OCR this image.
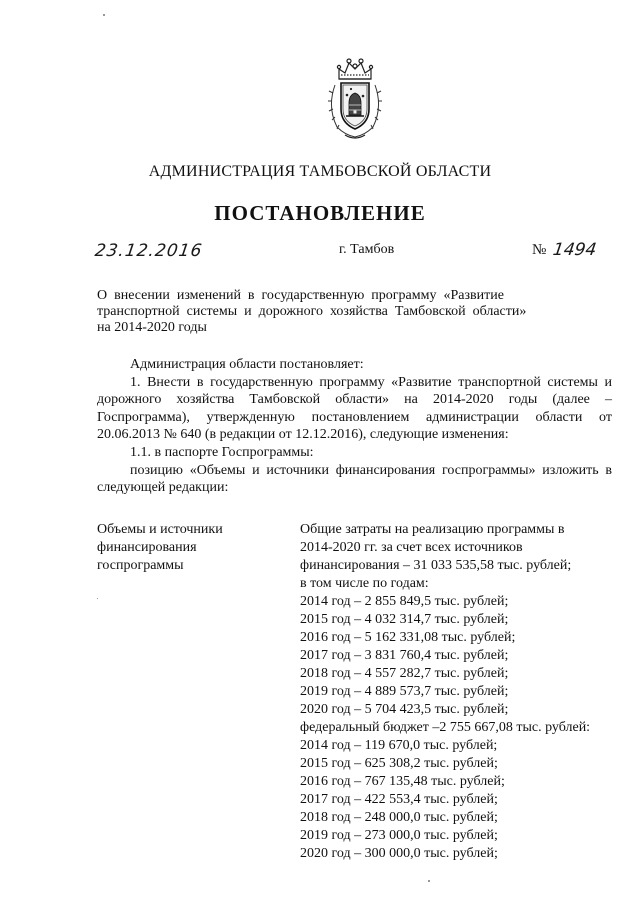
АДМИНИСТРАЦИЯ ТАМБОВСКОЙ ОБЛАСТИ
ПОСТАНОВЛЕНИЕ
23.12.2016	г. Тамбов	№ 1494
О  внесении  изменений  в  государственную  программу  «Развитие
транспортной  системы  и  дорожного  хозяйства  Тамбовской  области»
на 2014-2020 годы

Администрация области постановляет:

1. Внести в государственную программу «Развитие транспортной системы и дорожного хозяйства Тамбовской области» на 2014-2020 годы (далее – Госпрограмма), утвержденную постановлением администрации области от 20.06.2013 № 640 (в редакции от 12.12.2016), следующие изменения:

1.1. в паспорте Госпрограммы:

позицию «Объемы и источники финансирования госпрограммы» изложить в следующей редакции:

Объемы и источники
финансирования
госпрограммы
Общие затраты на реализацию программы в
2014-2020 гг. за счет всех источников
финансирования – 31 033 535,58 тыс. рублей;
в том числе по годам:
2014 год – 2 855 849,5 тыс. рублей;
2015 год – 4 032 314,7 тыс. рублей;
2016 год – 5 162 331,08 тыс. рублей;
2017 год – 3 831 760,4 тыс. рублей;
2018 год – 4 557 282,7 тыс. рублей;
2019 год – 4 889 573,7 тыс. рублей;
2020 год – 5 704 423,5 тыс. рублей;
федеральный бюджет –2 755 667,08 тыс. рублей:
2014 год – 119 670,0 тыс. рублей;
2015 год – 625 308,2 тыс. рублей;
2016 год – 767 135,48 тыс. рублей;
2017 год – 422 553,4 тыс. рублей;
2018 год – 248 000,0 тыс. рублей;
2019 год – 273 000,0 тыс. рублей;
2020 год – 300 000,0 тыс. рублей;
